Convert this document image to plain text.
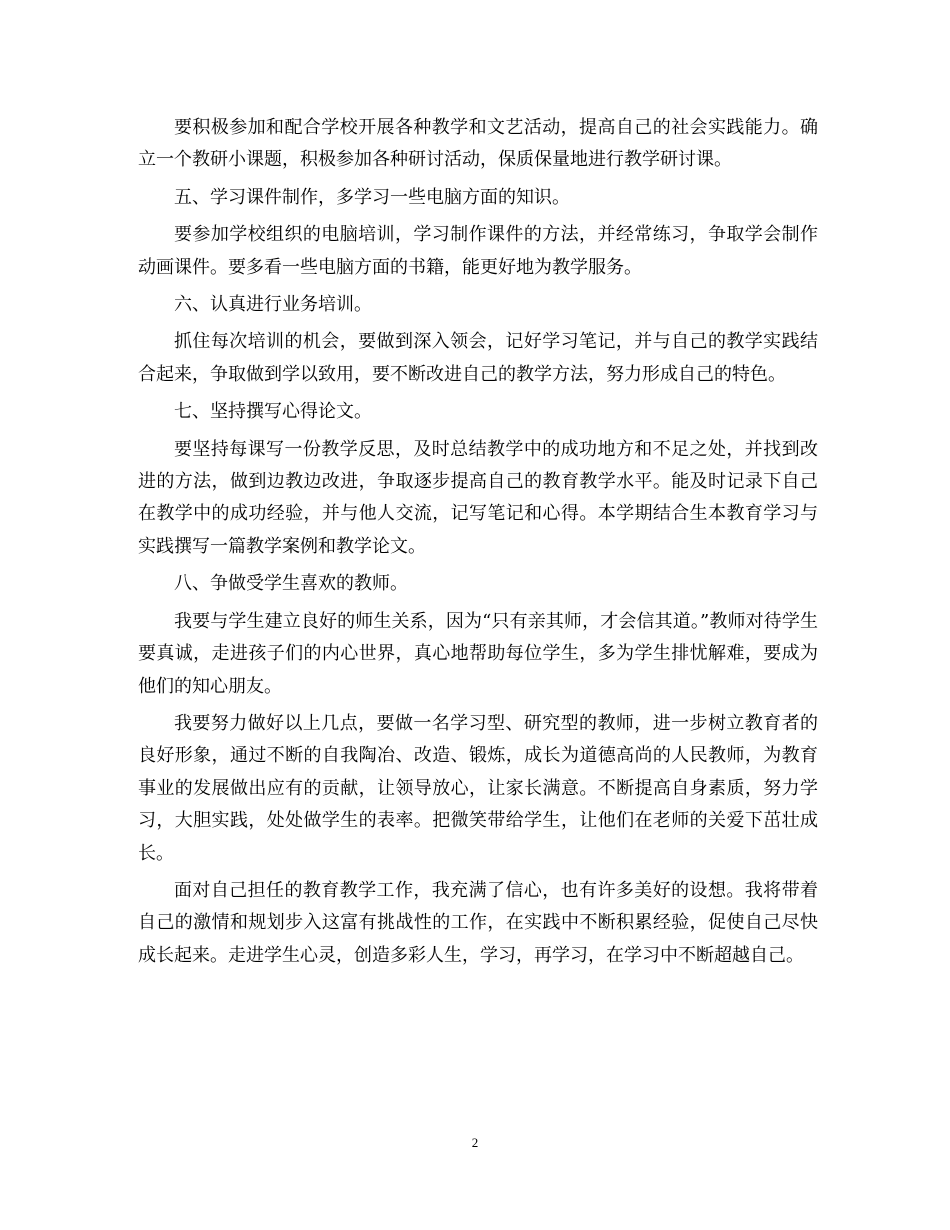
要积极参加和配合学校开展各种教学和文艺活动，提高自己的社会实践能力。确立一个教研小课题，积极参加各种研讨活动，保质保量地进行教学研讨课。

五、学习课件制作，多学习一些电脑方面的知识。

要参加学校组织的电脑培训，学习制作课件的方法，并经常练习，争取学会制作动画课件。要多看一些电脑方面的书籍，能更好地为教学服务。

六、认真进行业务培训。

抓住每次培训的机会，要做到深入领会，记好学习笔记，并与自己的教学实践结合起来，争取做到学以致用，要不断改进自己的教学方法，努力形成自己的特色。

七、坚持撰写心得论文。

要坚持每课写一份教学反思，及时总结教学中的成功地方和不足之处，并找到改进的方法，做到边教边改进，争取逐步提高自己的教育教学水平。能及时记录下自己在教学中的成功经验，并与他人交流，记写笔记和心得。本学期结合生本教育学习与实践撰写一篇教学案例和教学论文。

八、争做受学生喜欢的教师。

我要与学生建立良好的师生关系，因为“只有亲其师，才会信其道。”教师对待学生要真诚，走进孩子们的内心世界，真心地帮助每位学生，多为学生排忧解难，要成为他们的知心朋友。

我要努力做好以上几点，要做一名学习型、研究型的教师，进一步树立教育者的良好形象，通过不断的自我陶冶、改造、锻炼，成长为道德高尚的人民教师，为教育事业的发展做出应有的贡献，让领导放心，让家长满意。不断提高自身素质，努力学习，大胆实践，处处做学生的表率。把微笑带给学生，让他们在老师的关爱下茁壮成长。

面对自己担任的教育教学工作，我充满了信心，也有许多美好的设想。我将带着自己的激情和规划步入这富有挑战性的工作，在实践中不断积累经验，促使自己尽快成长起来。走进学生心灵，创造多彩人生，学习，再学习，在学习中不断超越自己。

2
